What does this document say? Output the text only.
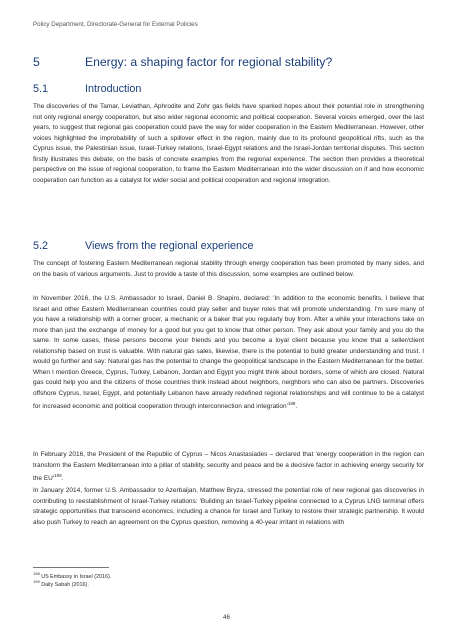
Policy Department, Directorate-General for External Policies
5	Energy: a shaping factor for regional stability?
5.1	Introduction

The discoveries of the Tamar, Leviathan, Aphrodite and Zohr gas fields have sparked hopes about their potential role in strengthening not only regional energy cooperation, but also wider regional economic and political cooperation. Several voices emerged, over the last years, to suggest that regional gas cooperation could pave the way for wider cooperation in the Eastern Mediterranean. However, other voices highlighted the improbability of such a spillover effect in the region, mainly due to its profound geopolitical rifts, such as the Cyprus issue, the Palestinian issue, Israel-Turkey relations, Israel-Egypt relations and the Israel-Jordan territorial disputes. This section firstly illustrates this debate, on the basis of concrete examples from the regional experience. The section then provides a theoretical perspective on the issue of regional cooperation, to frame the Eastern Mediterranean into the wider discussion on if and how economic cooperation can function as a catalyst for wider social and political cooperation and regional integration.

5.2	Views from the regional experience

The concept of fostering Eastern Mediterranean regional stability through energy cooperation has been promoted by many sides, and on the basis of various arguments. Just to provide a taste of this discussion, some examples are outlined below.

In November 2016, the U.S. Ambassador to Israel, Daniel B. Shapiro, declared: 'In addition to the economic benefits, I believe that Israel and other Eastern Mediterranean countries could play seller and buyer roles that will promote understanding. I'm sure many of you have a relationship with a corner grocer, a mechanic or a baker that you regularly buy from. After a while your interactions take on more than just the exchange of money for a good but you get to know that other person. They ask about your family and you do the same. In some cases, these persons become your friends and you become a loyal client because you know that a seller/client relationship based on trust is valuable. With natural gas sales, likewise, there is the potential to build greater understanding and trust. I would go further and say: Natural gas has the potential to change the geopolitical landscape in the Eastern Mediterranean for the better. When I mention Greece, Cyprus, Turkey, Lebanon, Jordan and Egypt you might think about borders, some of which are closed. Natural gas could help you and the citizens of those countries think instead about neighbors, neighbors who can also be partners. Discoveries offshore Cyprus, Israel, Egypt, and potentially Lebanon have already redefined regional relationships and will continue to be a catalyst for increased economic and political cooperation through interconnection and $integration'^{198}$.

In February 2016, the President of the Republic of Cyprus – Nicos Anastasiades – declared that 'energy cooperation in the region can transform the Eastern Mediterranean into a pillar of stability, security and peace and be a decisive factor in achieving energy security for the $EU'^{199}$.

In January 2014, former U.S. Ambassador to Azerbaijan, Matthew Bryza, stressed the potential role of new regional gas discoveries in contributing to reestablishment of Israel-Turkey relations: 'Building an Israel-Turkey pipeline connected to a Cyprus LNG terminal offers strategic opportunities that transcend economics, including a chance for Israel and Turkey to restore their strategic partnership. It would also push Turkey to reach an agreement on the Cyprus question, removing a 40-year irritant in relations with

$^{198}$ US Embassy in Israel (2016).
$^{199}$ Daily Sabah (2016).
46
